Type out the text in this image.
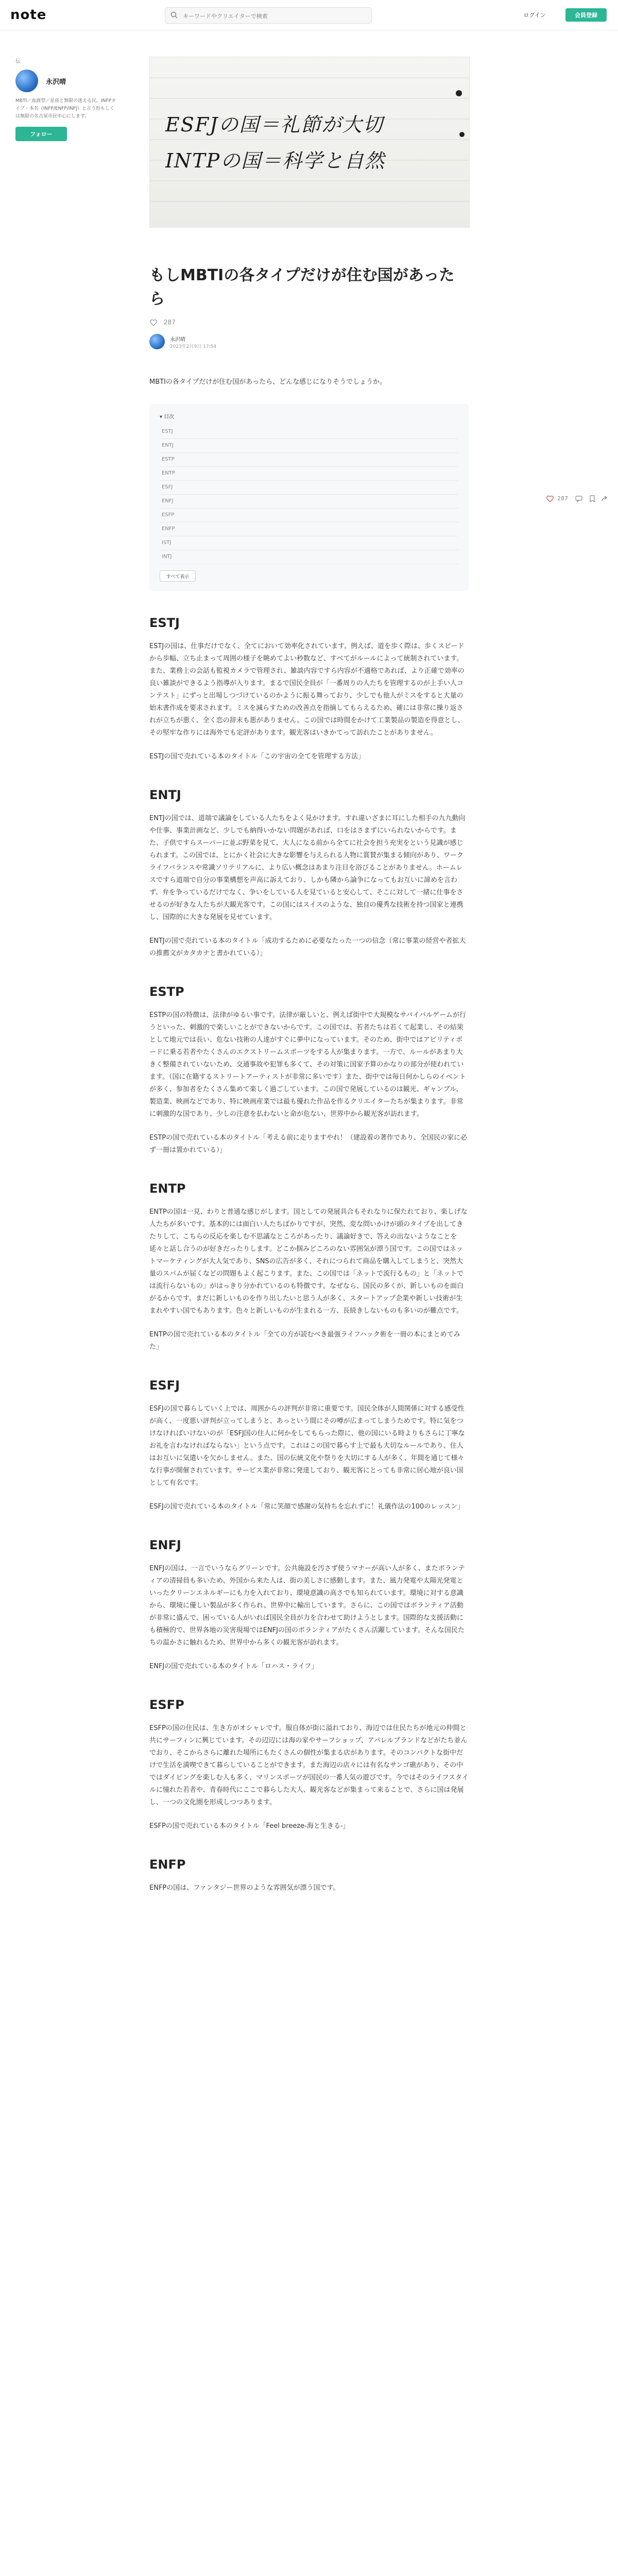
note
キーワードやクリエイターで検索	ログイン	会員登録
伝
永沢晴
MBTI／血液型／星座と無限の迷える民。INFPタイプ・本名（INFP/ENFP/INFJ）と言う形もしくは無限の名古屋市民中心にします。
フォロー	ESFJの国＝礼節が大切
INTPの国＝科学と自然
もしMBTIの各タイプだけが住む国があったら
287
永沢晴
2023年2月9日 17:54
MBTIの各タイプだけが住む国があったら、どんな感じになりそうでしょうか。
▾ 目次
ESTJ
ENTJ
ESTP
ENTP
ESFJ
ENFJ
ESFP
ENFP
ISTJ
INTJ
すべて表示
ESTJ

ESTJの国は、仕事だけでなく、全てにおいて効率化されています。例えば、道を歩く際は、歩くスピードから歩幅、立ち止まって周囲の様子を眺めてよい秒数など、すべてがルールによって統制されています。また、業務上の会話も監視カメラで管理され、雑談内容ですら内容が不適格であれば、より正確で効率の良い雑談ができるよう指導が入ります。まるで国民全員が「一番周りの人たちを管理するのが上手い人コンテスト」にずっと出場しつづけているのかように振る舞っており、少しでも他人がミスをすると大量の始末書作成を要求されます。ミスを減らすための改善点を指摘してもらえるため、確には非常に操り返されが立ちが悪く、全く恋の辞末も悪がありません。この国では時間をかけて工業製品の製造を得意とし、その堅牢な作りには海外でも定評があります。観光客はいきかてって訪れたことがありません。

ESTJの国で売れている本のタイトル「この宇宙の全てを管理する方法」

ENTJ

ENTJの国では、道端で議論をしている人たちをよく見かけます。すれ違いざまに耳にした相手の九九動向や仕事、事業計画など、少しでも納得いかない問題があれば、口をはさまずにいられないからです。また、子供ですらスーパーに並ぶ野菜を見て、大人になる前から全てに社会を担う充実をという見識が感じられます。この国では、とにかく社会に大きな影響を与えられる人物に賞賛が集まる傾向があり、ワークライフバランスや常識ソリテリアルに、より広い概念はあまり注目を浴びることがありません。ホームレスですら道端で自分の事業構想を声高に訴えており、しかも隣から論争になってもお互いに諦めを言わず、弁を争っているだけでなく、争いをしている人を見ていると安心して、そこに対して一緒に仕事をさせるのが好きな人たちが大観光客です。この国にはスイスのような、独自の優秀な技術を持つ国家と連携し、国際的に大きな発展を見せています。

ENTJの国で売れている本のタイトル「成功するために必要なたった一つの信念（常に事業の経営や者拡大の推薦文がカタカナと書かれている）」

ESTP

ESTPの国の特徴は、法律がゆるい事です。法律が厳しいと、例えば街中で大規模なサバイバルゲームが行うといった、刺激的で楽しいことができないからです。この国では、若者たちは若くて起業し、その結果として地元では長い、危ない技術の人達がすぐに夢中になっています。そのため、街中ではアビリティボードに乗る若者やたくさんのエクストリームスポーツをする人が集まります。一方で、ルールがあまり大きく整備されていないため、交通事故や犯罪も多くて、その対策に国家予算のかなりの部分が使われています。（国に在籍するストリートアーティストが非常に多いです）また、街中では毎日何かしらのイベントが多く、参加者をたくさん集めて楽しく過ごしています。この国で発展しているのは観光、ギャンブル、製造業、映画などであり、特に映画産業では最も優れた作品を作るクリエイターたちが集まります。非常に刺激的な国であり、少しの注意を払わないと命が危ない、世界中から観光客が訪れます。

ESTPの国で売れている本のタイトル「考える前に走りますやれ！（建設着の著作であり、全国民の家に必ず一冊は置かれている）」

ENTP

ENTPの国は一見、わりと普通な感じがします。国としての発展具合もそれなりに保たれており、楽しげな人たちが多いです。基本的には面白い人たちばかりですが、突然、変な問いかけが頭のタイプを出してきたりして、こちらの反応を楽しむ不思議なところがあったり、議論好きで、答えの出ないようなことを延々と話し合うのが好きだったりします。どこか掴みどころのない雰囲気が漂う国です。この国ではネットマーケティングが大人気であり、SNSの広告が多く、それにつられて商品を購入してしまうと、突然大量のスパムが届くなどの問題もよく起こります。また、この国では「ネットで流行るもの」と「ネットでは流行らないもの」がはっきり分かれているのも特徴です。なぜなら、国民の多くが、新しいものを面白がるからです。まだに新しいものを作り出したいと思う人が多く、スタートアップ企業や新しい技術が生まれやすい国でもあります。色々と新しいものが生まれる一方、長続きしないものも多いのが難点です。

ENTPの国で売れている本のタイトル「全ての方が読むべき最強ライフハック術を一冊の本にまとめてみた」

ESFJ

ESFJの国で暮らしていく上では、周囲からの評判が非常に重要です。国民全体が人間関係に対する感受性が高く、一度悪い評判が立ってしまうと、あっという間にその噂が広まってしまうためです。特に気をつけなければいけないのが「ESFJ国の住人に何かをしてもらった際に、他の国にいる時よりもさらに丁寧なお礼を言わなければならない」という点です。これはこの国で暮らす上で最も大切なルールであり、住人はお互いに気遣いを欠かしません。また、国の伝統文化や祭りを大切にする人が多く、年間を通じて様々な行事が開催されています。サービス業が非常に発達しており、観光客にとっても非常に居心地が良い国として有名です。

ESFJの国で売れている本のタイトル「常に笑顔で感謝の気持ちを忘れずに！礼儀作法の100のレッスン」

ENFJ

ENFJの国は、一言でいうならグリーンです。公共施設を汚さず使うマナーが高い人が多く、またボランティアの清掃員も多いため、外国から来た人は、街の美しさに感動します。また、風力発電や太陽光発電といったクリーンエネルギーにも力を入れており、環境意識の高さでも知られています。環境に対する意識から、環境に優しい製品が多く作られ、世界中に輸出しています。さらに、この国ではボランティア活動が非常に盛んで、困っている人がいれば国民全員が力を合わせて助けようとします。国際的な支援活動にも積極的で、世界各地の災害現場ではENFJの国のボランティアがたくさん活躍しています。そんな国民たちの温かさに触れるため、世界中から多くの観光客が訪れます。

ENFJの国で売れている本のタイトル「ロハス・ライフ」

ESFP

ESFPの国の住民は、生き方がオシャレです。服自体が街に溢れており、海辺では住民たちが地元の仲間と共にサーフィンに興じています。その辺辺には海の家やサーフショップ、アパレルブランドなどがたち並んでおり、そこからさらに離れた場所にもたくさんの個性が集まる店があります。そのコンパクトな街中だけで生活を満喫できて暮らしていることができます。また海辺の店々には有名なサンゴ礁があり、その中ではダイビングを楽しむ人も多く、マリンスポーツが国民の一番人気の遊びです。今ではそのライフスタイルに憧れた若者や、青春時代にここで暮らした大人、観光客などが集まって来ることで、さらに国は発展し、一つの文化圏を形成しつつあります。

ESFPの国で売れている本のタイトル「Feel breeze-海と生きる-」

ENFP

ENFPの国は、ファンタジー世界のような雰囲気が漂う国です。

287
